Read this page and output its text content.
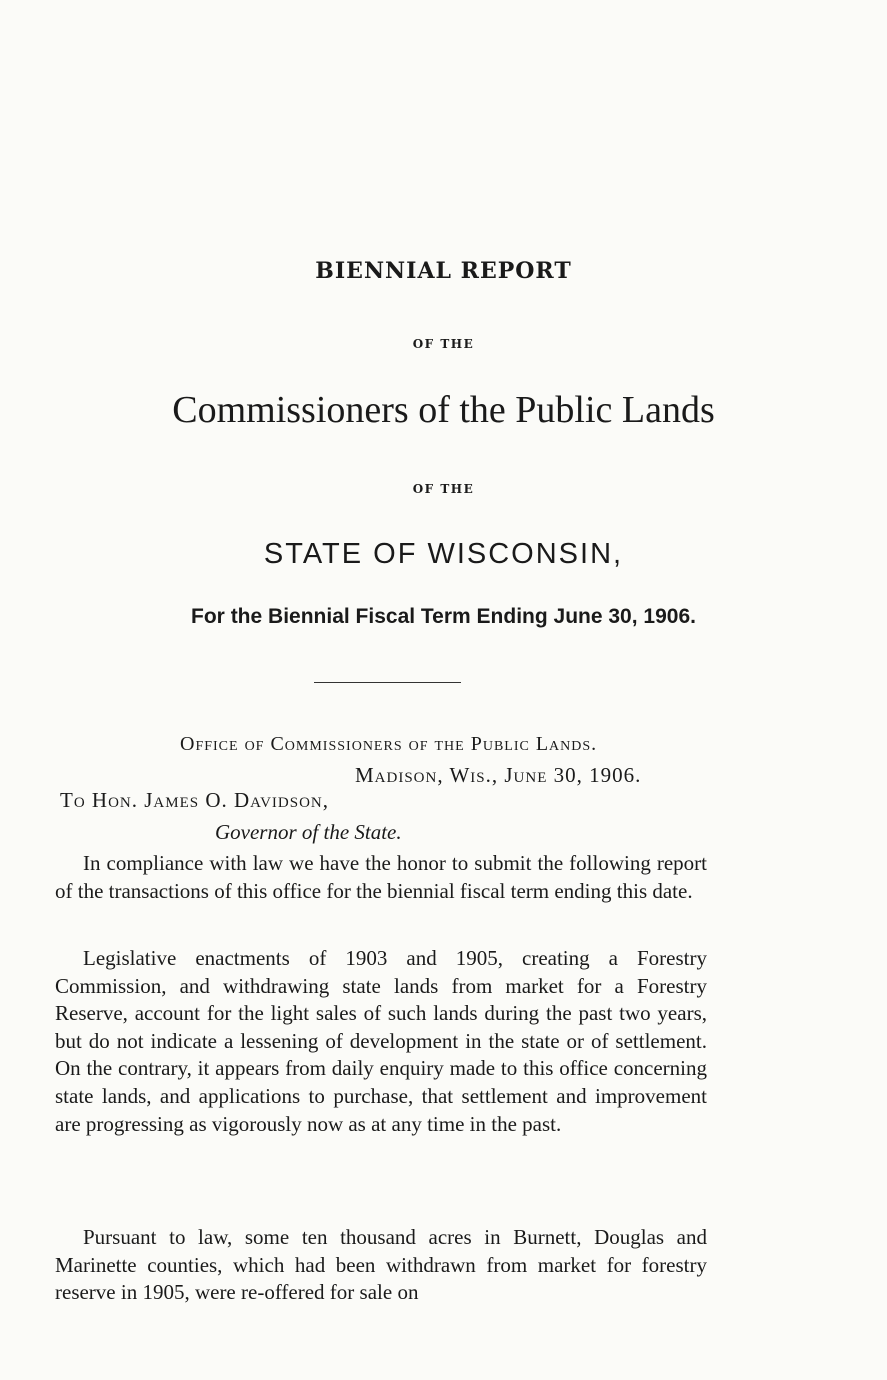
BIENNIAL REPORT
OF THE
Commissioners of the Public Lands
OF THE
STATE OF WISCONSIN,
For the Biennial Fiscal Term Ending June 30, 1906.
Office of Commissioners of the Public Lands.
Madison, Wis., June 30, 1906.
To Hon. James O. Davidson,
Governor of the State.

In compliance with law we have the honor to submit the following report of the transactions of this office for the biennial fiscal term ending this date.

Legislative enactments of 1903 and 1905, creating a Forestry Commission, and withdrawing state lands from market for a Forestry Reserve, account for the light sales of such lands during the past two years, but do not indicate a lessening of development in the state or of settlement. On the contrary, it appears from daily enquiry made to this office concerning state lands, and applications to purchase, that settlement and improvement are progressing as vigorously now as at any time in the past.

Pursuant to law, some ten thousand acres in Burnett, Douglas and Marinette counties, which had been withdrawn from market for forestry reserve in 1905, were re-offered for sale on
